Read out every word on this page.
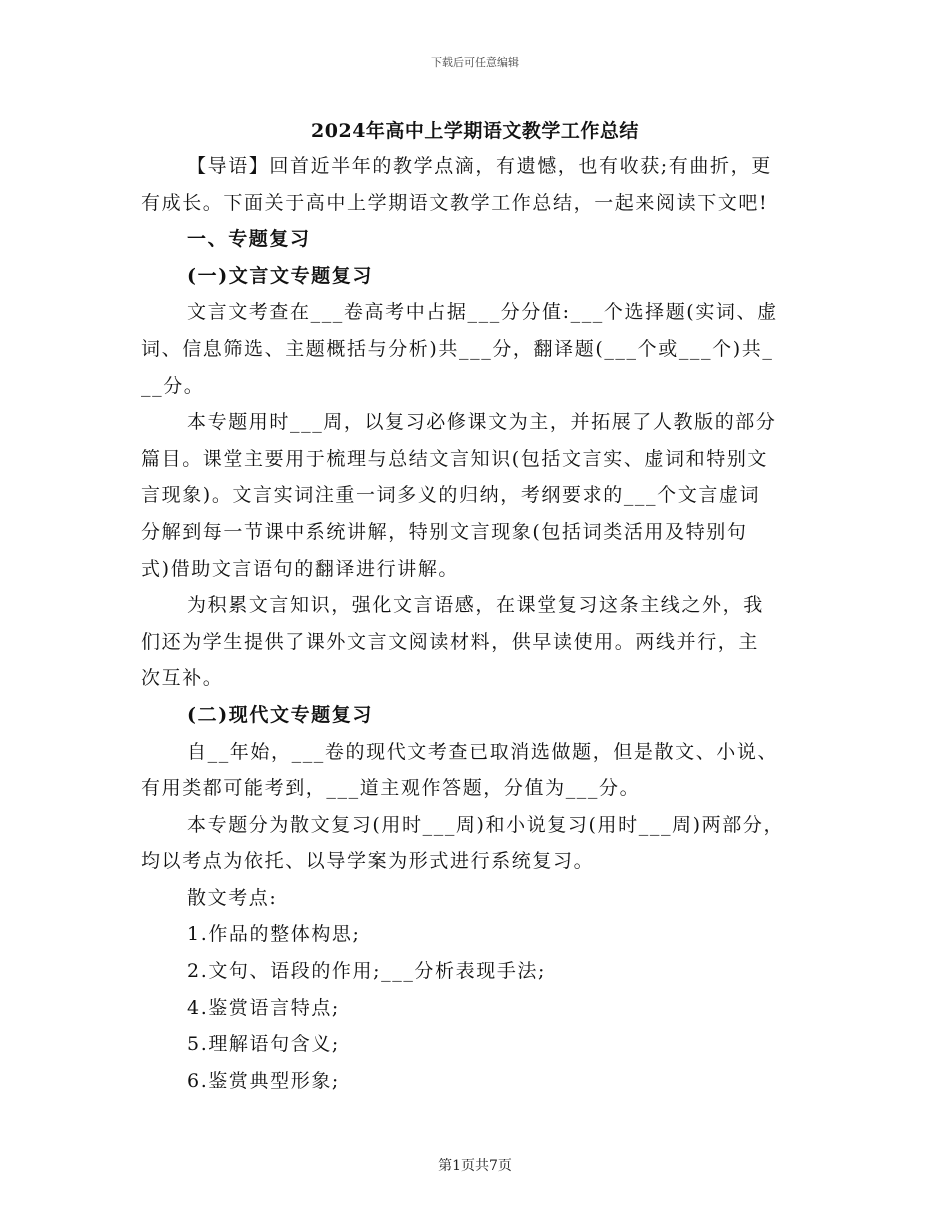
下载后可任意编辑
2024年高中上学期语文教学工作总结
【导语】回首近半年的教学点滴，有遗憾，也有收获;有曲折，更
有成长。下面关于高中上学期语文教学工作总结，一起来阅读下文吧!
一、专题复习
(一)文言文专题复习
文言文考查在___卷高考中占据___分分值:___个选择题(实词、虚
词、信息筛选、主题概括与分析)共___分，翻译题(___个或___个)共_
__分。
本专题用时___周，以复习必修课文为主，并拓展了人教版的部分
篇目。课堂主要用于梳理与总结文言知识(包括文言实、虚词和特别文
言现象)。文言实词注重一词多义的归纳，考纲要求的___个文言虚词
分解到每一节课中系统讲解，特别文言现象(包括词类活用及特别句
式)借助文言语句的翻译进行讲解。
为积累文言知识，强化文言语感，在课堂复习这条主线之外，我
们还为学生提供了课外文言文阅读材料，供早读使用。两线并行，主
次互补。
(二)现代文专题复习
自__年始，___卷的现代文考查已取消选做题，但是散文、小说、
有用类都可能考到，___道主观作答题，分值为___分。
本专题分为散文复习(用时___周)和小说复习(用时___周)两部分，
均以考点为依托、以导学案为形式进行系统复习。
散文考点:
1.作品的整体构思;
2.文句、语段的作用;___分析表现手法;
4.鉴赏语言特点;
5.理解语句含义;
6.鉴赏典型形象;
第1页共7页
